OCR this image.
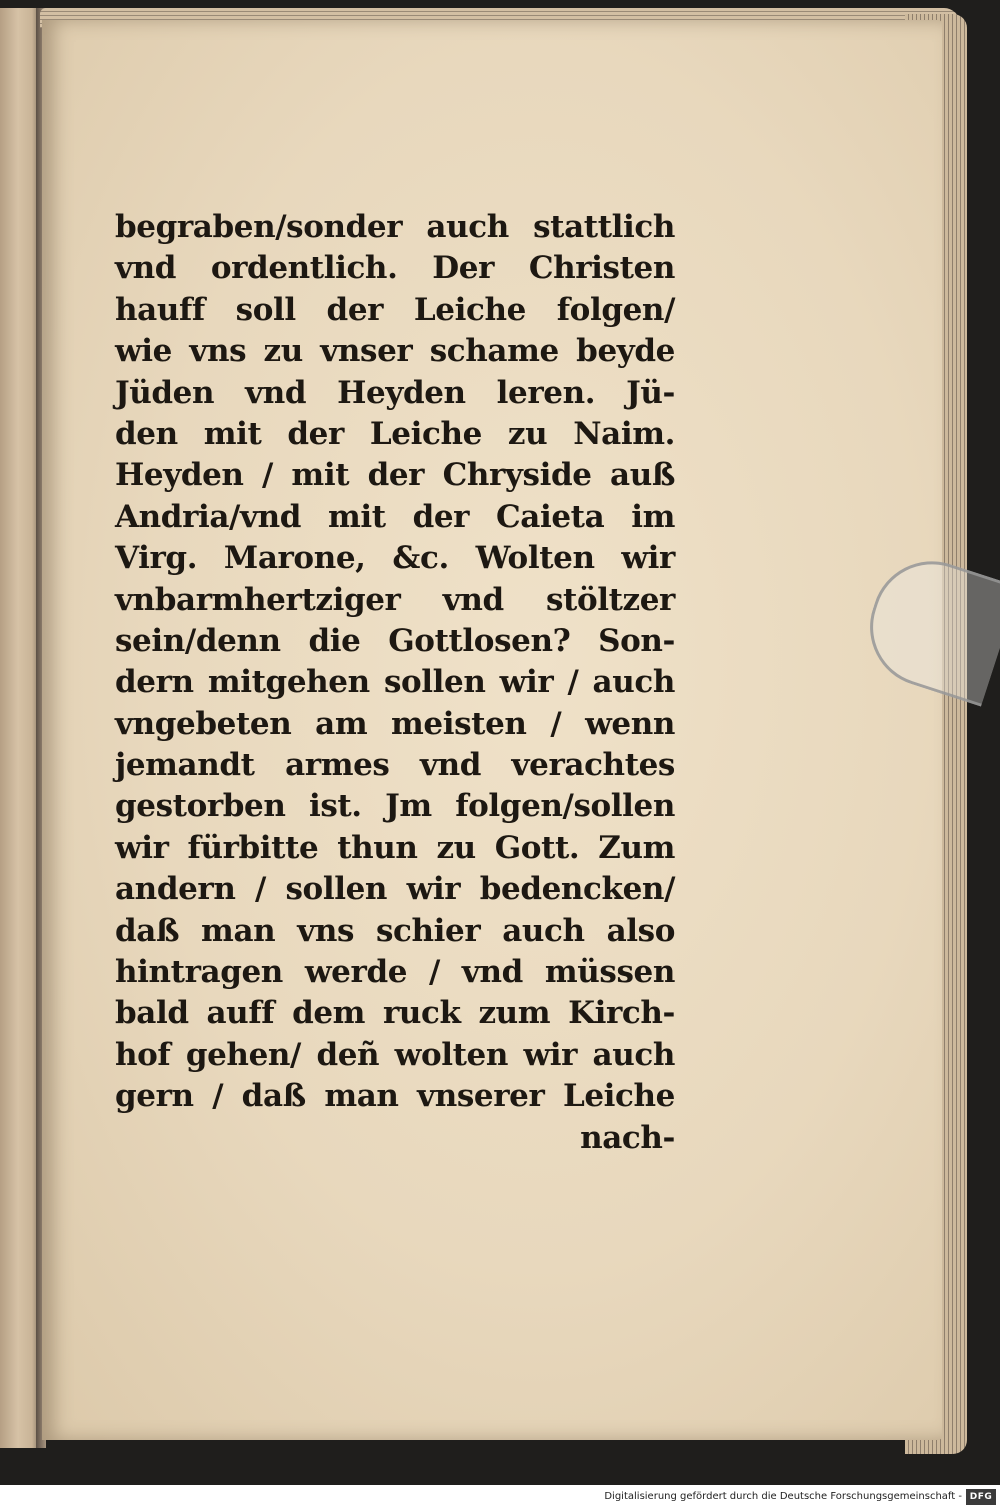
begraben/sonder auch stattlich
vnd ordentlich. Der Christen
hauff soll der Leiche folgen/
wie vns zu vnser schame beyde
Jüden vnd Heyden leren. Jü-
den mit der Leiche zu Naim.
Heyden / mit der Chryside auß
Andria/vnd mit der Caieta im
Virg. Marone, &c. Wolten wir
vnbarmhertziger vnd stöltzer
sein/denn die Gottlosen? Son-
dern mitgehen sollen wir / auch
vngebeten am meisten / wenn
jemandt armes vnd verachtes
gestorben ist. Jm folgen/sollen
wir fürbitte thun zu Gott. Zum
andern / sollen wir bedencken/
daß man vns schier auch also
hintragen werde / vnd müssen
bald auff dem ruck zum Kirch-
hof gehen/ deñ wolten wir auch
gern / daß man vnserer Leiche
nach-
Digitalisierung gefördert durch die Deutsche Forschungsgemeinschaft - DFG
